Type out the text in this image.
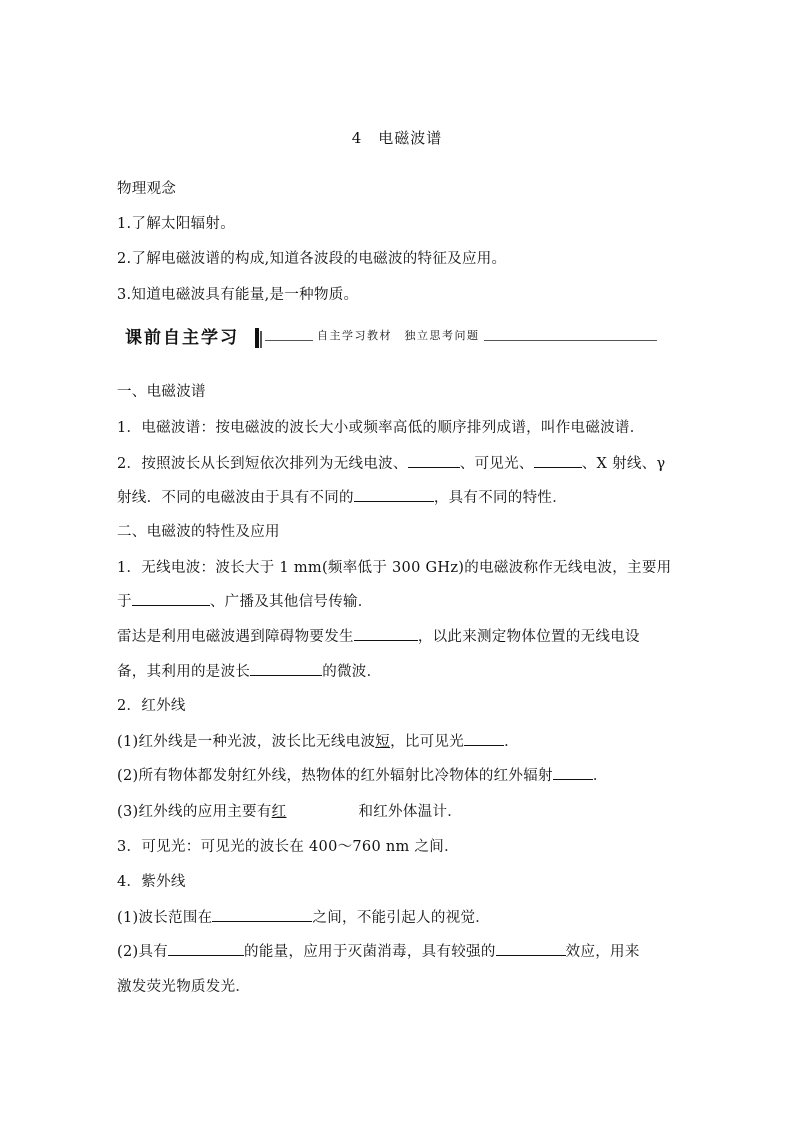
4　电磁波谱
物理观念
1.了解太阳辐射。
2.了解电磁波谱的构成,知道各波段的电磁波的特征及应用。
3.知道电磁波具有能量,是一种物质。
课前自主学习	自主学习教材　独立思考问题
一、电磁波谱
1．电磁波谱：按电磁波的波长大小或频率高低的顺序排列成谱，叫作电磁波谱．
2．按照波长从长到短依次排列为无线电波、	、可见光、	、X 射线、γ
射线．不同的电磁波由于具有不同的	，具有不同的特性．
二、电磁波的特性及应用
1．无线电波：波长大于 1 mm(频率低于 300 GHz)的电磁波称作无线电波，主要用
于	、广播及其他信号传输．
雷达是利用电磁波遇到障碍物要发生	，以此来测定物体位置的无线电设
备，其利用的是波长	的微波．
2．红外线
(1)红外线是一种光波，波长比无线电波短，比可见光	．
(2)所有物体都发射红外线，热物体的红外辐射比冷物体的红外辐射	．
(3)红外线的应用主要有红	和红外体温计．
3．可见光：可见光的波长在 400～760 nm 之间．
4．紫外线
(1)波长范围在	之间，不能引起人的视觉．
(2)具有	的能量，应用于灭菌消毒，具有较强的	效应，用来
激发荧光物质发光．
